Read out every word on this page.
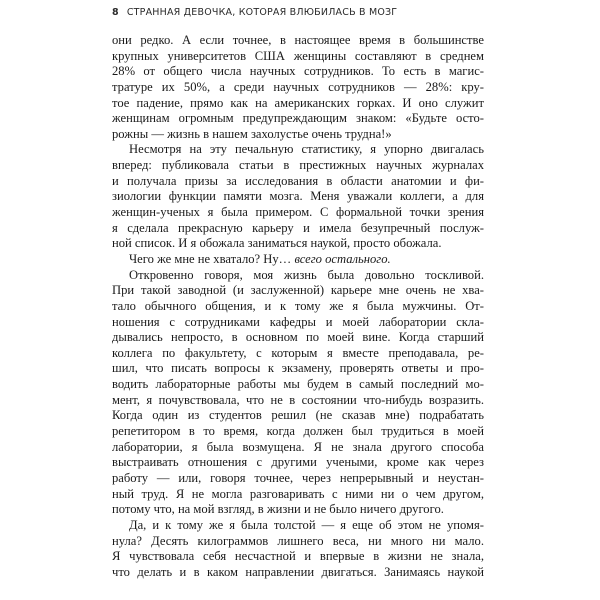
8 СТРАННАЯ ДЕВОЧКА, КОТОРАЯ ВЛЮБИЛАСЬ В МОЗГ
они редко. А если точнее, в настоящее время в большинстве
крупных университетов США женщины составляют в среднем
28% от общего числа научных сотрудников. То есть в магис-
тратуре их 50%, а среди научных сотрудников — 28%: кру-
тое падение, прямо как на американских горках. И оно служит
женщинам огромным предупреждающим знаком: «Будьте осто-
рожны — жизнь в нашем захолустье очень трудна!»
Несмотря на эту печальную статистику, я упорно двигалась
вперед: публиковала статьи в престижных научных журналах
и получала призы за исследования в области анатомии и фи-
зиологии функции памяти мозга. Меня уважали коллеги, а для
женщин-ученых я была примером. С формальной точки зрения
я сделала прекрасную карьеру и имела безупречный послуж-
ной список. И я обожала заниматься наукой, просто обожала.
Чего же мне не хватало? Ну… всего остального.
Откровенно говоря, моя жизнь была довольно тоскливой.
При такой заводной (и заслуженной) карьере мне очень не хва-
тало обычного общения, и к тому же я была мужчины. От-
ношения с сотрудниками кафедры и моей лаборатории скла-
дывались непросто, в основном по моей вине. Когда старший
коллега по факультету, с которым я вместе преподавала, ре-
шил, что писать вопросы к экзамену, проверять ответы и про-
водить лабораторные работы мы будем в самый последний мо-
мент, я почувствовала, что не в состоянии что-нибудь возразить.
Когда один из студентов решил (не сказав мне) подрабатать
репетитором в то время, когда должен был трудиться в моей
лаборатории, я была возмущена. Я не знала другого способа
выстраивать отношения с другими учеными, кроме как через
работу — или, говоря точнее, через непрерывный и неустан-
ный труд. Я не могла разговаривать с ними ни о чем другом,
потому что, на мой взгляд, в жизни и не было ничего другого.
Да, и к тому же я была толстой — я еще об этом не упомя-
нула? Десять килограммов лишнего веса, ни много ни мало.
Я чувствовала себя несчастной и впервые в жизни не знала,
что делать и в каком направлении двигаться. Занимаясь наукой
